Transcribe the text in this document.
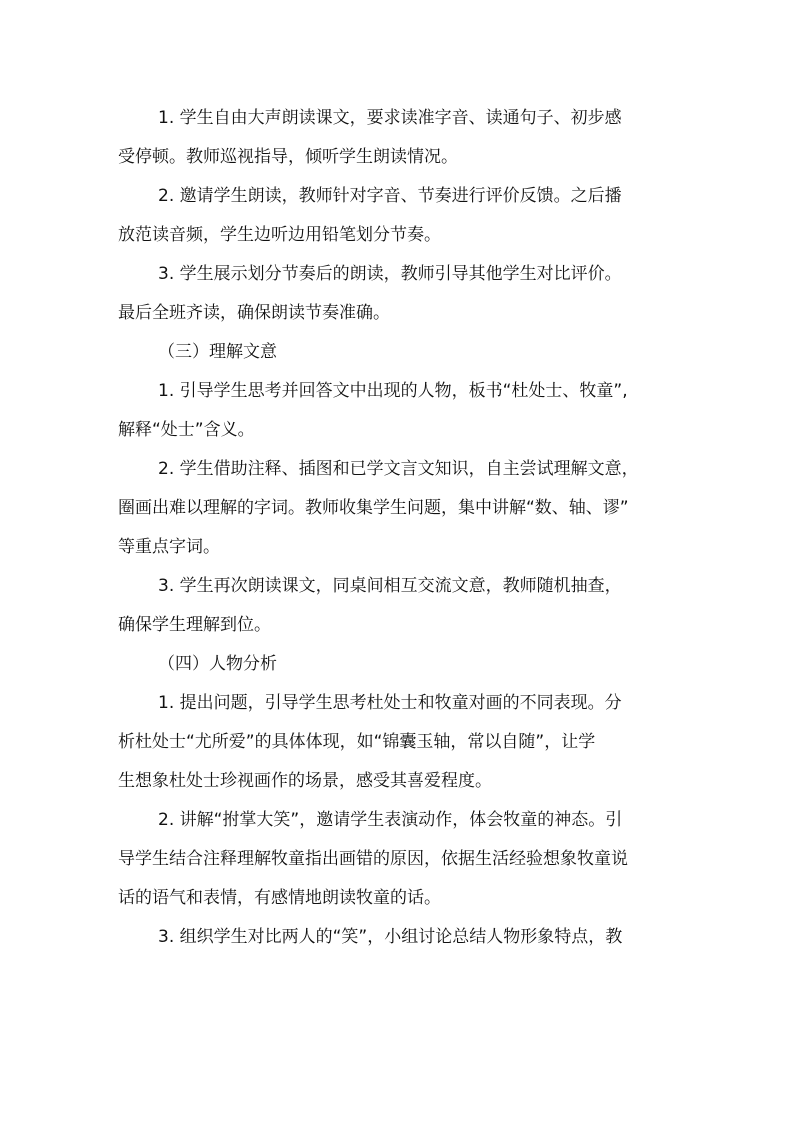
1. 学生自由大声朗读课文，要求读准字音、读通句子、初步感
受停顿。教师巡视指导，倾听学生朗读情况。
2. 邀请学生朗读，教师针对字音、节奏进行评价反馈。之后播
放范读音频，学生边听边用铅笔划分节奏。
3. 学生展示划分节奏后的朗读，教师引导其他学生对比评价。
最后全班齐读，确保朗读节奏准确。
（三）理解文意
1. 引导学生思考并回答文中出现的人物，板书“杜处士、牧童”,
解释“处士”含义。
2. 学生借助注释、插图和已学文言文知识，自主尝试理解文意，
圈画出难以理解的字词。教师收集学生问题，集中讲解“数、轴、谬”
等重点字词。
3. 学生再次朗读课文，同桌间相互交流文意，教师随机抽查，
确保学生理解到位。
（四）人物分析
1. 提出问题，引导学生思考杜处士和牧童对画的不同表现。分
析杜处士“尤所爱”的具体体现，如“锦囊玉轴，常以自随”，让学
生想象杜处士珍视画作的场景，感受其喜爱程度。
2. 讲解“拊掌大笑”，邀请学生表演动作，体会牧童的神态。引
导学生结合注释理解牧童指出画错的原因，依据生活经验想象牧童说
话的语气和表情，有感情地朗读牧童的话。
3. 组织学生对比两人的“笑”，小组讨论总结人物形象特点，教
